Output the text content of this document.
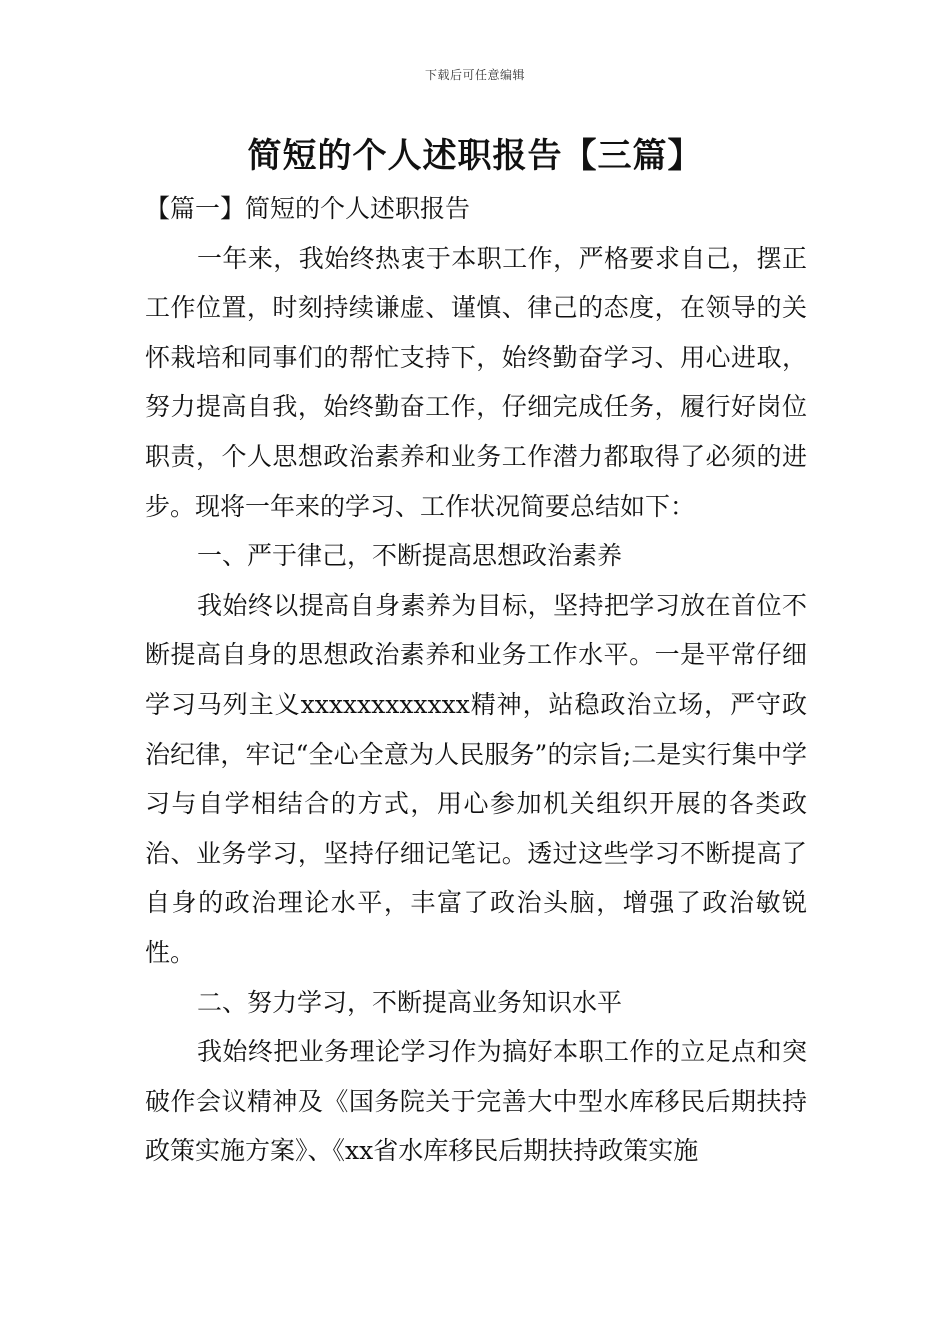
下载后可任意编辑
简短的个人述职报告【三篇】

【篇一】简短的个人述职报告

一年来，我始终热衷于本职工作，严格要求自己，摆正工作位置，时刻持续谦虚、谨慎、律己的态度，在领导的关怀栽培和同事们的帮忙支持下，始终勤奋学习、用心进取，努力提高自我，始终勤奋工作，仔细完成任务，履行好岗位职责，个人思想政治素养和业务工作潜力都取得了必须的进步。现将一年来的学习、工作状况简要总结如下：

一、严于律己，不断提高思想政治素养

我始终以提高自身素养为目标，坚持把学习放在首位不断提高自身的思想政治素养和业务工作水平。一是平常仔细学习马列主义xxxxxxxxxxxx精神，站稳政治立场，严守政治纪律，牢记“全心全意为人民服务”的宗旨;二是实行集中学习与自学相结合的方式，用心参加机关组织开展的各类政治、业务学习，坚持仔细记笔记。透过这些学习不断提高了自身的政治理论水平，丰富了政治头脑，增强了政治敏锐性。

二、努力学习，不断提高业务知识水平

我始终把业务理论学习作为搞好本职工作的立足点和突破作会议精神及《国务院关于完善大中型水库移民后期扶持政策实施方案》、《xx省水库移民后期扶持政策实施
